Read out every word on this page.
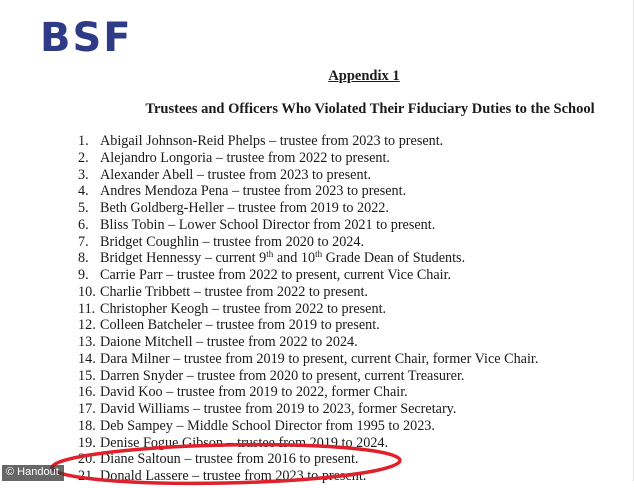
BSF
Appendix 1
Trustees and Officers Who Violated Their Fiduciary Duties to the School
1. Abigail Johnson-Reid Phelps – trustee from 2023 to present.
2. Alejandro Longoria – trustee from 2022 to present.
3. Alexander Abell – trustee from 2023 to present.
4. Andres Mendoza Pena – trustee from 2023 to present.
5. Beth Goldberg-Heller – trustee from 2019 to 2022.
6. Bliss Tobin – Lower School Director from 2021 to present.
7. Bridget Coughlin – trustee from 2020 to 2024.
8. Bridget Hennessy – current 9th and 10th Grade Dean of Students.
9. Carrie Parr – trustee from 2022 to present, current Vice Chair.
10. Charlie Tribbett – trustee from 2022 to present.
11. Christopher Keogh – trustee from 2022 to present.
12. Colleen Batcheler – trustee from 2019 to present.
13. Daione Mitchell – trustee from 2022 to 2024.
14. Dara Milner – trustee from 2019 to present, current Chair, former Vice Chair.
15. Darren Snyder – trustee from 2020 to present, current Treasurer.
16. David Koo – trustee from 2019 to 2022, former Chair.
17. David Williams – trustee from 2019 to 2023, former Secretary.
18. Deb Sampey – Middle School Director from 1995 to 2023.
19. Denise Fogue Gibson – trustee from 2019 to 2024.
20. Diane Saltoun – trustee from 2016 to present.
21. Donald Lassere – trustee from 2023 to present.
© Handout
